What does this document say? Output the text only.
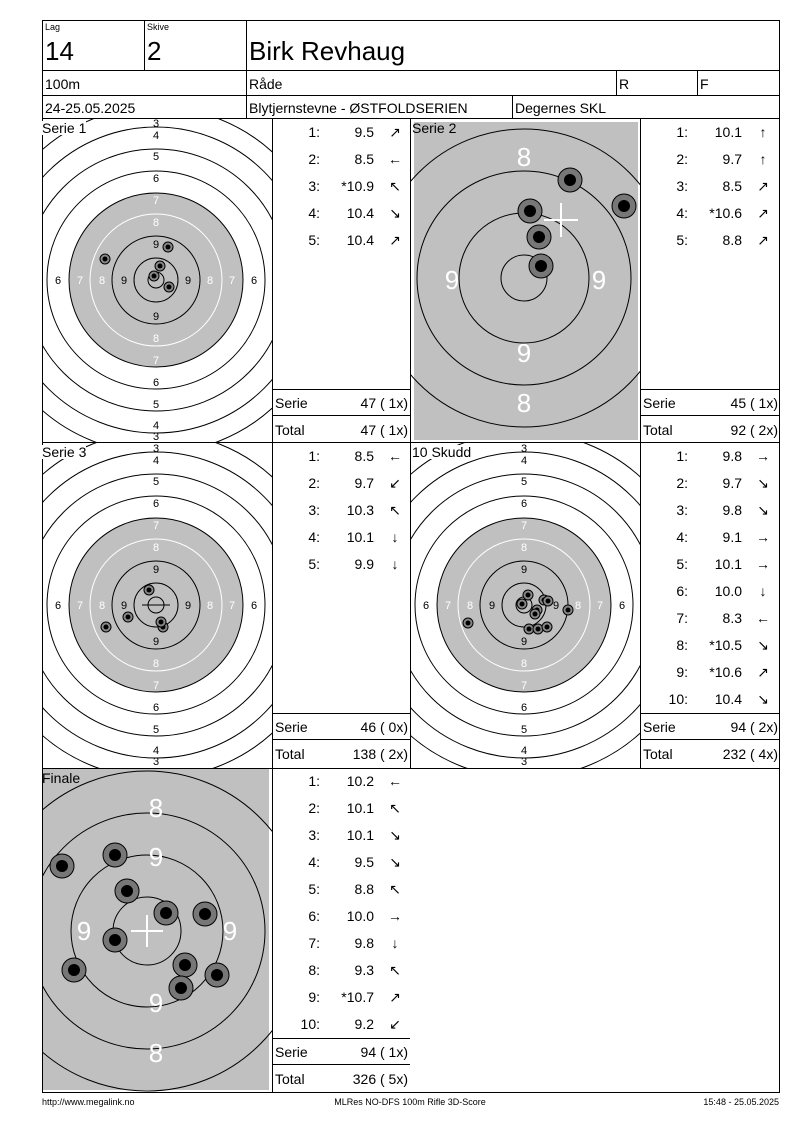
Lag
14
Skive
2	Birk Revhaug
100m	Råde	R	F
24-25.05.2025	Blytjernstevne - ØSTFOLDSERIEN	Degernes SKL
3
4
5
6
7
8
9
9
8
7
6
5
4
3
6 7 8 9	9 8 7 6
Serie 1
8
8
9
9	9
Serie 2
3
4
5
6
7
8
9
9
8
7
6
5
4
3
6 7 8 9	9 8 7 6
Serie 3	3
4
5
6
7
8
9
9
8
7
6
5
4
3
6 7 8 9	9 8 7 6
10 Skudd
8
8
9
9
9	9
Finale
1:	9.5 ↗
2:	8.5 ←
3:	*10.9 ↖
4:	10.4 ↘
5:	10.4 ↗
1:	10.1	↑
2:	9.7	↑
3:	8.5 ↗
4:	*10.6 ↗
5:	8.8 ↗
1:	8.5 ←
2:	9.7 ↙
3:	10.3 ↖
4:	10.1	↓
5:	9.9	↓
1:	9.8 →
2:	9.7 ↘
3:	9.8 ↘
4:	9.1 →
5:	10.1 →
6:	10.0	↓
7:	8.3 ←
8:	*10.5 ↘
9:	*10.6 ↗
10:	10.4 ↘
1:	10.2 ←
2:	10.1 ↖
3:	10.1 ↘
4:	9.5 ↘
5:	8.8 ↖
6:	10.0 →
7:	9.8	↓
8:	9.3 ↖
9:	*10.7 ↗
10:	9.2 ↙
Serie	47 ( 1x)
Total	47 ( 1x)
Serie	45 ( 1x)
Total	92 ( 2x)
Serie	46 ( 0x)
Total	138 ( 2x)
Serie	94 ( 2x)
Total	232 ( 4x)
Serie	94 ( 1x)
Total	326 ( 5x)
http://www.megalink.no	MLRes NO-DFS 100m Rifle 3D-Score	15:48 - 25.05.2025
